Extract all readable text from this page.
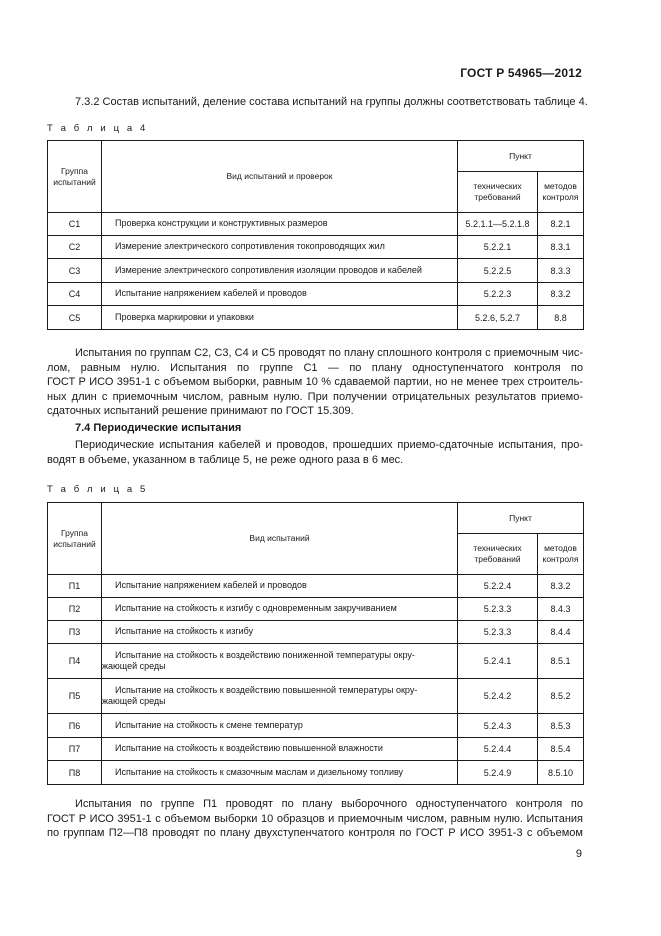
ГОСТ Р 54965—2012

7.3.2 Состав испытаний, деление состава испытаний на группы должны соответствовать таблице 4.

Т а б л и ц а 4
Группа испытаний	Вид испытаний и проверок	Пункт	
		технических требований	методов контроля
С1	Проверка конструкции и конструктивных размеров	5.2.1.1—5.2.1.8	8.2.1
С2	Измерение электрического сопротивления токопроводящих жил	5.2.2.1	8.3.1
С3	Измерение электрического сопротивления изоляции проводов и кабелей	5.2.2.5	8.3.3
С4	Испытание напряжением кабелей и проводов	5.2.2.3	8.3.2
С5	Проверка маркировки и упаковки	5.2.6, 5.2.7	8.8

Испытания по группам С2, С3, С4 и С5 проводят по плану сплошного контроля с приемочным чис-
лом, равным нулю. Испытания по группе С1 — по плану одноступенчатого контроля по
ГОСТ Р ИСО 3951-1 с объемом выборки, равным 10 % сдаваемой партии, но не менее трех строитель-
ных длин с приемочным числом, равным нулю. При получении отрицательных результатов приемо-
сдаточных испытаний решение принимают по ГОСТ 15.309.

7.4 Периодические испытания

Периодические испытания кабелей и проводов, прошедших приемо-сдаточные испытания, про-
водят в объеме, указанном в таблице 5, не реже одного раза в 6 мес.

Т а б л и ц а 5
Группа испытаний	Вид испытаний	Пункт	
		технических требований	методов контроля
П1	Испытание напряжением кабелей и проводов	5.2.2.4	8.3.2
П2	Испытание на стойкость к изгибу с одновременным закручиванием	5.2.3.3	8.4.3
П3	Испытание на стойкость к изгибу	5.2.3.3	8.4.4
П4	Испытание на стойкость к воздействию пониженной температуры окру-
жающей среды	5.2.4.1	8.5.1
П5	Испытание на стойкость к воздействию повышенной температуры окру-
жающей среды	5.2.4.2	8.5.2
П6	Испытание на стойкость к смене температур	5.2.4.3	8.5.3
П7	Испытание на стойкость к воздействию повышенной влажности	5.2.4.4	8.5.4
П8	Испытание на стойкость к смазочным маслам и дизельному топливу	5.2.4.9	8.5.10

Испытания по группе П1 проводят по плану выборочного одноступенчатого контроля по
ГОСТ Р ИСО 3951-1 с объемом выборки 10 образцов и приемочным числом, равным нулю. Испытания
по группам П2—П8 проводят по плану двухступенчатого контроля по ГОСТ Р ИСО 3951-3 с объемом

9
